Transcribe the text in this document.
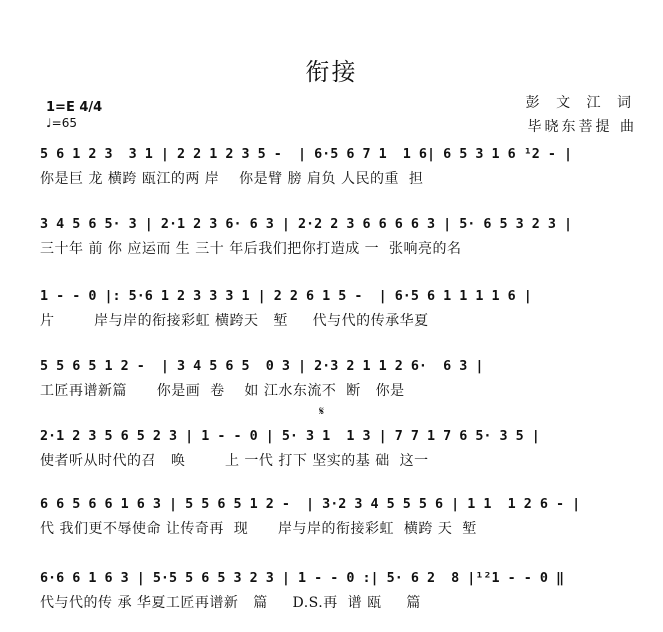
衔接
彭 文 江 词
毕晓东菩提 曲
1=E 4/4
♩=65
𝄋
5 6 1 2 3  3 1 | 2 2 1 2 3 5 -  | 6·5 6 7 1  1 6| 6 5 3 1 6 ¹2 - |
你是巨 龙 横跨 瓯江的两 岸    你是臂 膀 肩负 人民的重  担
3 4 5 6 5· 3 | 2·1 2 3 6· 6 3 | 2·2 2 3 6 6 6 6 3 | 5· 6 5 3 2 3 |
三十年 前 你 应运而 生 三十 年后我们把你打造成 一  张响亮的名
1 - - 0 |: 5·6 1 2 3 3 3 1 | 2 2 6 1 5 -  | 6·5 6 1 1 1 1 6 |
片        岸与岸的衔接彩虹 横跨天   堑     代与代的传承华夏
5 5 6 5 1 2 -  | 3 4 5 6 5  0 3 | 2·3 2 1 1 2 6·  6 3 |
工匠再谱新篇      你是画  卷    如 江水东流不  断   你是
2·1 2 3 5 6 5 2 3 | 1 - - 0 | 5· 3 1  1 3 | 7 7 1 7 6 5· 3 5 |
使者听从时代的召   唤        上 一代 打下 坚实的基 础  这一
6 6 5 6 6 1 6 3 | 5 5 6 5 1 2 -  | 3·2 3 4 5 5 5 6 | 1 1  1 2 6 - |
代 我们更不辱使命 让传奇再  现      岸与岸的衔接彩虹  横跨 天  堑
6·6 6 1 6 3 | 5·5 5 6 5 3 2 3 | 1 - - 0 :| 5· 6 2  8 |¹²1 - - 0 ‖
代与代的传 承 华夏工匠再谱新   篇     D.S.再  谱 瓯     篇
